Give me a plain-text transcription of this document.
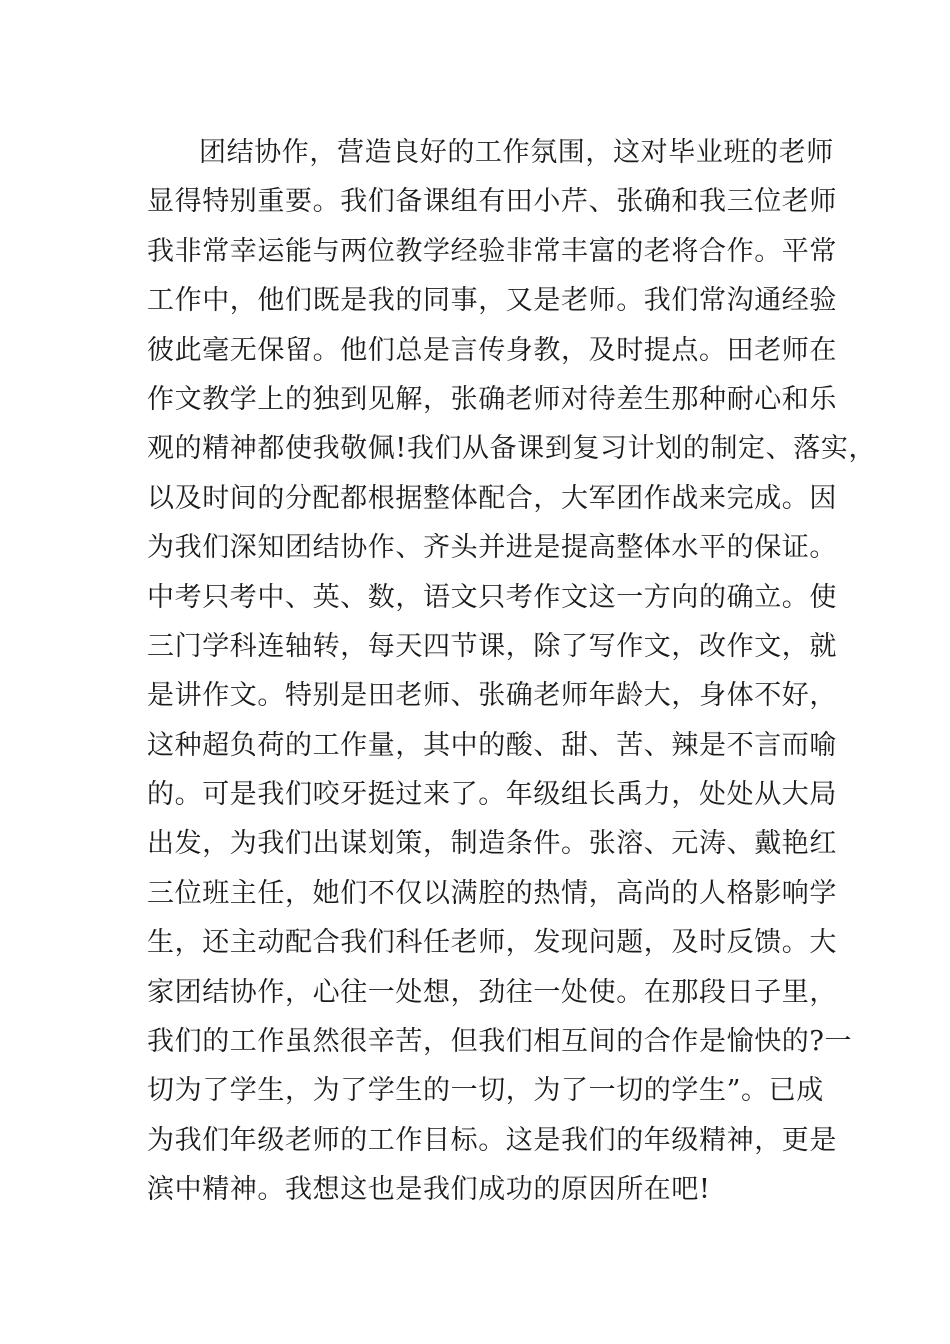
团结协作，营造良好的工作氛围，这对毕业班的老师
显得特别重要。我们备课组有田小芹、张确和我三位老师
我非常幸运能与两位教学经验非常丰富的老将合作。平常
工作中，他们既是我的同事，又是老师。我们常沟通经验
彼此毫无保留。他们总是言传身教，及时提点。田老师在
作文教学上的独到见解，张确老师对待差生那种耐心和乐
观的精神都使我敬佩!我们从备课到复习计划的制定、落实，
以及时间的分配都根据整体配合，大军团作战来完成。因
为我们深知团结协作、齐头并进是提高整体水平的保证。
中考只考中、英、数，语文只考作文这一方向的确立。使
三门学科连轴转，每天四节课，除了写作文，改作文，就
是讲作文。特别是田老师、张确老师年龄大，身体不好，
这种超负荷的工作量，其中的酸、甜、苦、辣是不言而喻
的。可是我们咬牙挺过来了。年级组长禹力，处处从大局
出发，为我们出谋划策，制造条件。张溶、元涛、戴艳红
三位班主任，她们不仅以满腔的热情，高尚的人格影响学
生，还主动配合我们科任老师，发现问题，及时反馈。大
家团结协作，心往一处想，劲往一处使。在那段日子里，
我们的工作虽然很辛苦，但我们相互间的合作是愉快的?一
切为了学生，为了学生的一切，为了一切的学生”。已成
为我们年级老师的工作目标。这是我们的年级精神，更是
滨中精神。我想这也是我们成功的原因所在吧!
